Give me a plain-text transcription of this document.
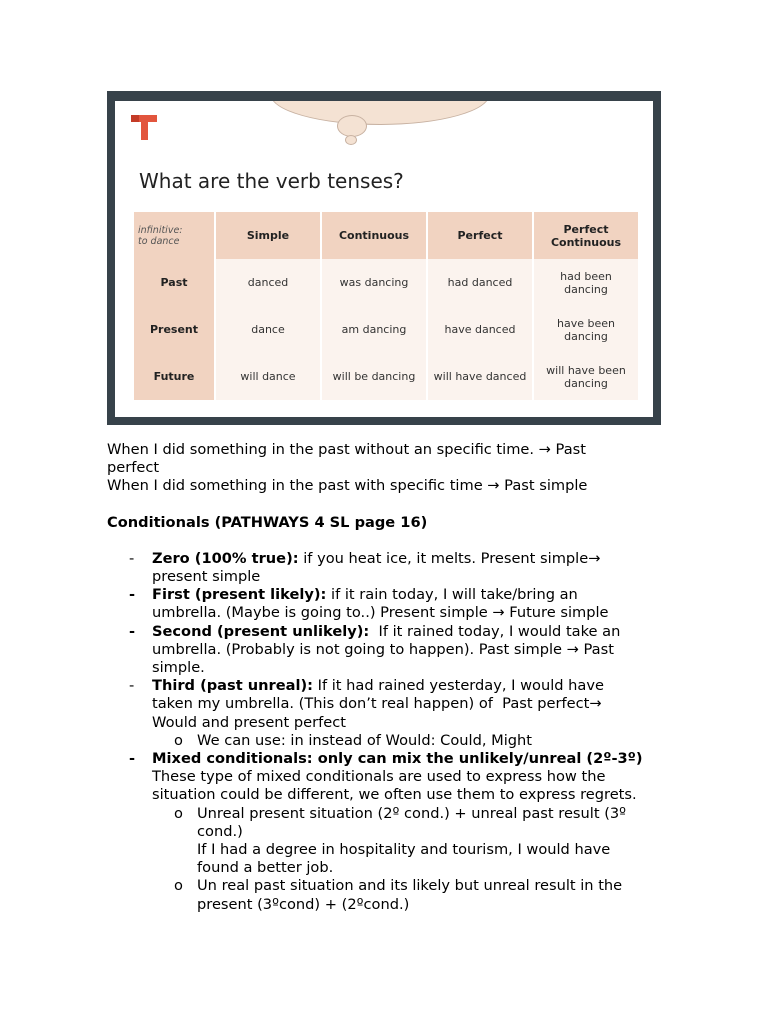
What are the verb tenses?
infinitive:
to dance	Simple	Continuous	Perfect	Perfect
Continuous
Past	danced	was dancing	had danced	had been
dancing
Present	dance	am dancing	have danced	have been
dancing
Future	will dance	will be dancing	will have danced	will have been
dancing

When I did something in the past without an specific time. → Past
perfect

When I did something in the past with specific time → Past simple

Conditionals (PATHWAYS 4 SL page 16)

- Zero (100% true): if you heat ice, it melts. Present simple→
present simple

- First (present likely): if it rain today, I will take/bring an
umbrella. (Maybe is going to..) Present simple → Future simple

- Second (present unlikely):  If it rained today, I would take an
umbrella. (Probably is not going to happen). Past simple → Past
simple.

- Third (past unreal): If it had rained yesterday, I would have
taken my umbrella. (This don’t real happen) of  Past perfect→
Would and present perfect

o We can use: in instead of Would: Could, Might

- Mixed conditionals: only can mix the unlikely/unreal (2º-3º)

These type of mixed conditionals are used to express how the
situation could be different, we often use them to express regrets.

o Unreal present situation (2º cond.) + unreal past result (3º
cond.)
If I had a degree in hospitality and tourism, I would have
found a better job.

o Un real past situation and its likely but unreal result in the
present (3ºcond) + (2ºcond.)
